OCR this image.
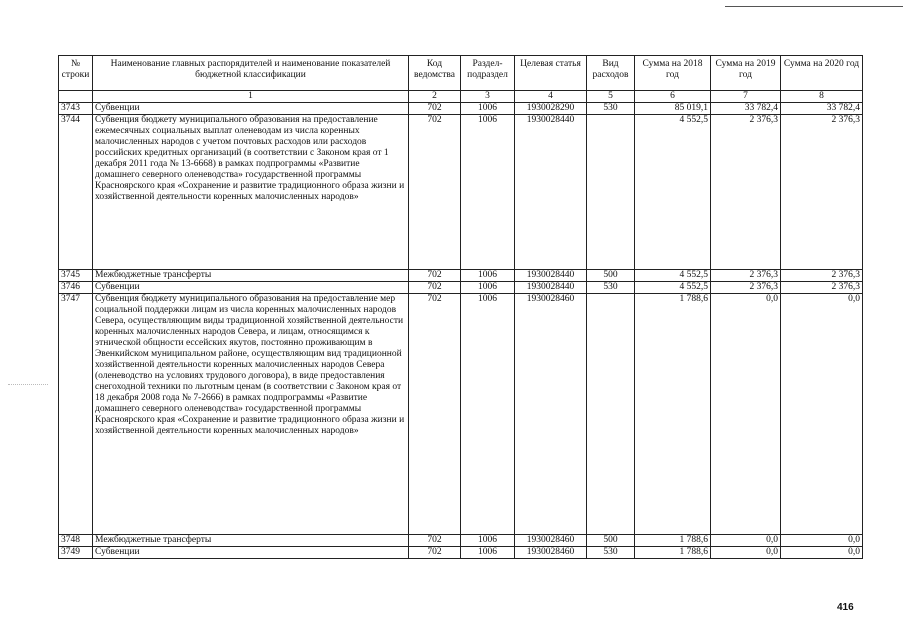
№ строки	Наименование главных распорядителей и наименование показателей бюджетной классификации	Код ведомства	Раздел-подраздел	Целевая статья	Вид расходов	Сумма на 2018 год	Сумма на 2019 год	Сумма на 2020 год
	1	2	3	4	5	6	7	8
3743	Субвенции	702	1006	1930028290	530	85 019,1	33 782,4	33 782,4
3744	Субвенция бюджету муниципального образования на предоставление ежемесячных социальных выплат оленеводам из числа коренных малочисленных народов с учетом почтовых расходов или расходов российских кредитных организаций (в соответствии с Законом края от 1 декабря 2011 года № 13-6668) в рамках подпрограммы «Развитие домашнего северного оленеводства» государственной программы Красноярского края «Сохранение и развитие традиционного образа жизни и хозяйственной деятельности коренных малочисленных народов»	702	1006	1930028440		4 552,5	2 376,3	2 376,3
3745	Межбюджетные трансферты	702	1006	1930028440	500	4 552,5	2 376,3	2 376,3
3746	Субвенции	702	1006	1930028440	530	4 552,5	2 376,3	2 376,3
3747	Субвенция бюджету муниципального образования на предоставление мер социальной поддержки лицам из числа коренных малочисленных народов Севера, осуществляющим виды традиционной хозяйственной деятельности коренных малочисленных народов Севера, и лицам, относящимся к этнической общности ессейских якутов, постоянно проживающим в Эвенкийском муниципальном районе, осуществляющим вид традиционной хозяйственной деятельности коренных малочисленных народов Севера (оленеводство на условиях трудового договора), в виде предоставления снегоходной техники по льготным ценам (в соответствии с Законом края от 18 декабря 2008 года № 7-2666) в рамках подпрограммы «Развитие домашнего северного оленеводства» государственной программы Красноярского края «Сохранение и развитие традиционного образа жизни и хозяйственной деятельности коренных малочисленных народов»	702	1006	1930028460		1 788,6	0,0	0,0
3748	Межбюджетные трансферты	702	1006	1930028460	500	1 788,6	0,0	0,0
3749	Субвенции	702	1006	1930028460	530	1 788,6	0,0	0,0
416
